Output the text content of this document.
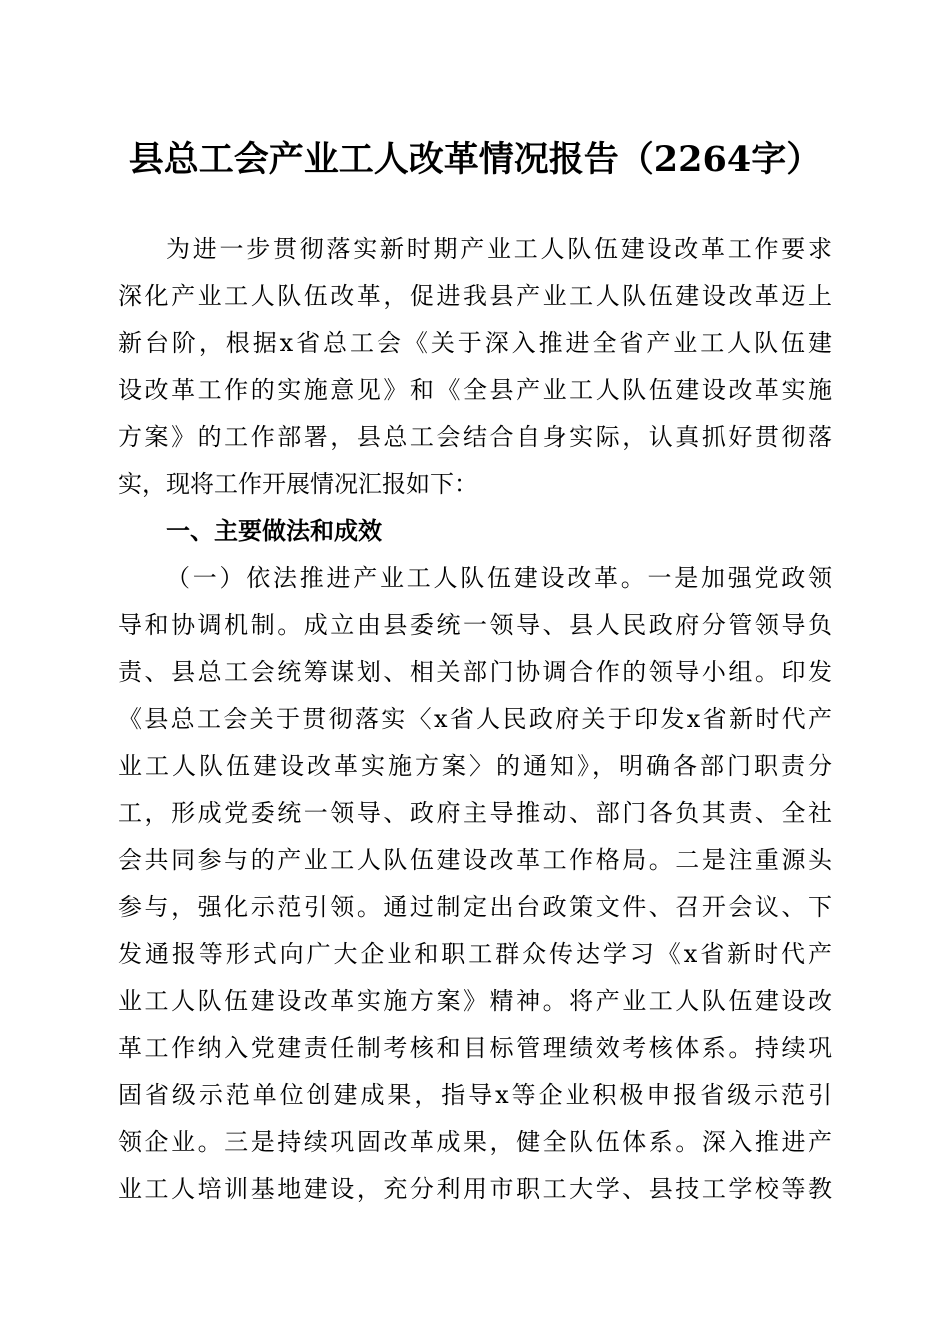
县总工会产业工人改革情况报告（2264字）
为进一步贯彻落实新时期产业工人队伍建设改革工作要求
深化产业工人队伍改革，促进我县产业工人队伍建设改革迈上
新台阶，根据x省总工会《关于深入推进全省产业工人队伍建
设改革工作的实施意见》和《全县产业工人队伍建设改革实施
方案》的工作部署，县总工会结合自身实际，认真抓好贯彻落
实，现将工作开展情况汇报如下：
一、主要做法和成效
（一）依法推进产业工人队伍建设改革。一是加强党政领
导和协调机制。成立由县委统一领导、县人民政府分管领导负
责、县总工会统筹谋划、相关部门协调合作的领导小组。印发
《县总工会关于贯彻落实〈x省人民政府关于印发x省新时代产
业工人队伍建设改革实施方案〉的通知》，明确各部门职责分
工，形成党委统一领导、政府主导推动、部门各负其责、全社
会共同参与的产业工人队伍建设改革工作格局。二是注重源头
参与，强化示范引领。通过制定出台政策文件、召开会议、下
发通报等形式向广大企业和职工群众传达学习《x省新时代产
业工人队伍建设改革实施方案》精神。将产业工人队伍建设改
革工作纳入党建责任制考核和目标管理绩效考核体系。持续巩
固省级示范单位创建成果，指导x等企业积极申报省级示范引
领企业。三是持续巩固改革成果，健全队伍体系。深入推进产
业工人培训基地建设，充分利用市职工大学、县技工学校等教
